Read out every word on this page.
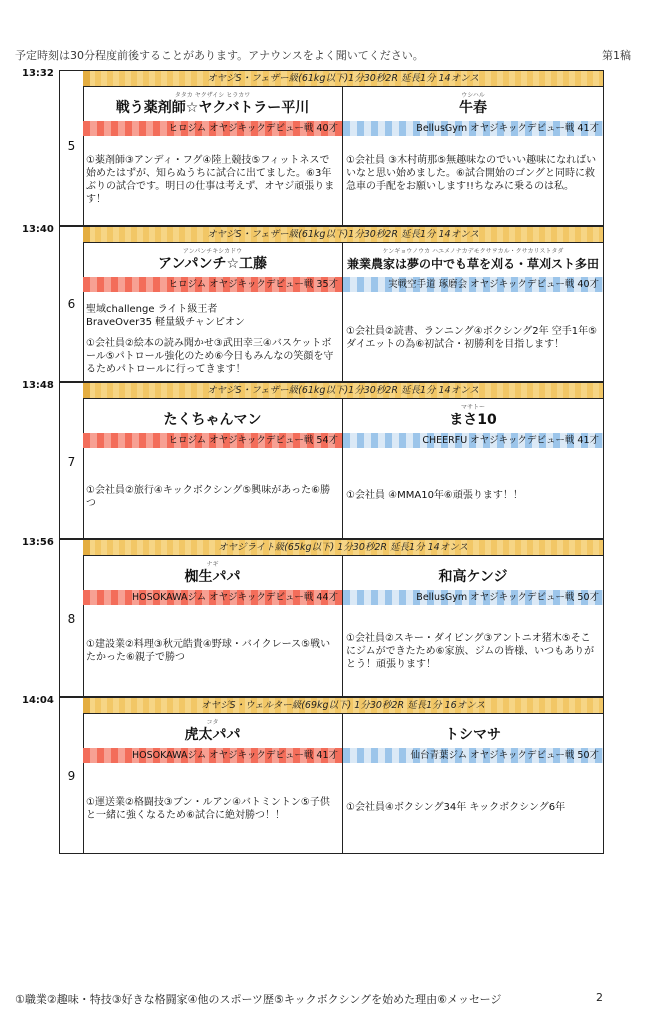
予定時刻は30分程度前後することがあります。アナウンスをよく聞いてください。	第1稿
13:32
5
オヤジS・フェザー級(61kg以下)1分30秒2R 延長1分 14オンス
タタカ ヤクザイシ ヒラカワ
戦う薬剤師☆ヤクバトラー平川
ヒロジム オヤジキックデビュー戦 40才
①薬剤師③アンディ・フグ④陸上競技⑤フィットネスで始めたはずが、知らぬうちに試合に出てました。⑥3年ぶりの試合です。明日の仕事は考えず、オヤジ頑張ります！
ウシハル
牛春
BellusGym オヤジキックデビュー戦 41才
①会社員 ③木村萌那⑤無趣味なのでいい趣味になればいいなと思い始めました。⑥試合開始のゴングと同時に救急車の手配をお願いします!!ちなみに乗るのは私。
13:40
6
オヤジS・フェザー級(61kg以下)1分30秒2R 延長1分 14オンス
アンパンチキシカドウ
アンパンチ☆工藤
ヒロジム オヤジキックデビュー戦 35才
聖域challenge ライト級王者
BraveOver35 軽量級チャンピオン
①会社員②絵本の読み聞かせ③武田幸三④バスケットボール⑤パトロール強化のため⑥今日もみんなの笑顔を守るためパトロールに行ってきます！
ケンギョウノウカ ハユメノナカデモクサヲカル・クサカリストタダ
兼業農家は夢の中でも草を刈る・草刈スト多田
実戦空手道 琢磨会 オヤジキックデビュー戦 40才
①会社員②読書、ランニング④ボクシング2年 空手1年⑤ダイエットの為⑥初試合・初勝利を目指します！
13:48
7
オヤジS・フェザー級(61kg以下)1分30秒2R 延長1分 14オンス
たくちゃんマン
ヒロジム オヤジキックデビュー戦 54才
①会社員②旅行④キックボクシング⑤興味があった⑥勝つ
マサトー
まさ10
CHEERFU オヤジキックデビュー戦 41才
①会社員 ④MMA10年⑥頑張ります！！
13:56
8
オヤジライト級(65kg以下) 1分30秒2R 延長1分 14オンス
ナギ
椥生パパ
HOSOKAWAジム オヤジキックデビュー戦 44才
①建設業②料理③秋元皓貴④野球・バイクレース⑤戦いたかった⑥親子で勝つ
和高ケンジ
BellusGym オヤジキックデビュー戦 50才
①会社員②スキー・ダイビング③アントニオ猪木⑤そこにジムができたため⑥家族、ジムの皆様、いつもありがとう！頑張ります！
14:04
9
オヤジS・ウェルター級(69kg以下) 1分30秒2R 延長1分 16オンス
コタ
虎太パパ
HOSOKAWAジム オヤジキックデビュー戦 41才
①運送業②格闘技③ブン・ルアン④バトミントン⑤子供と一緒に強くなるため⑥試合に絶対勝つ！！
トシマサ
仙台青葉ジム オヤジキックデビュー戦 50才
①会社員④ボクシング34年 キックボクシング6年
①職業②趣味・特技③好きな格闘家④他のスポーツ歴⑤キックボクシングを始めた理由⑥メッセージ	2
